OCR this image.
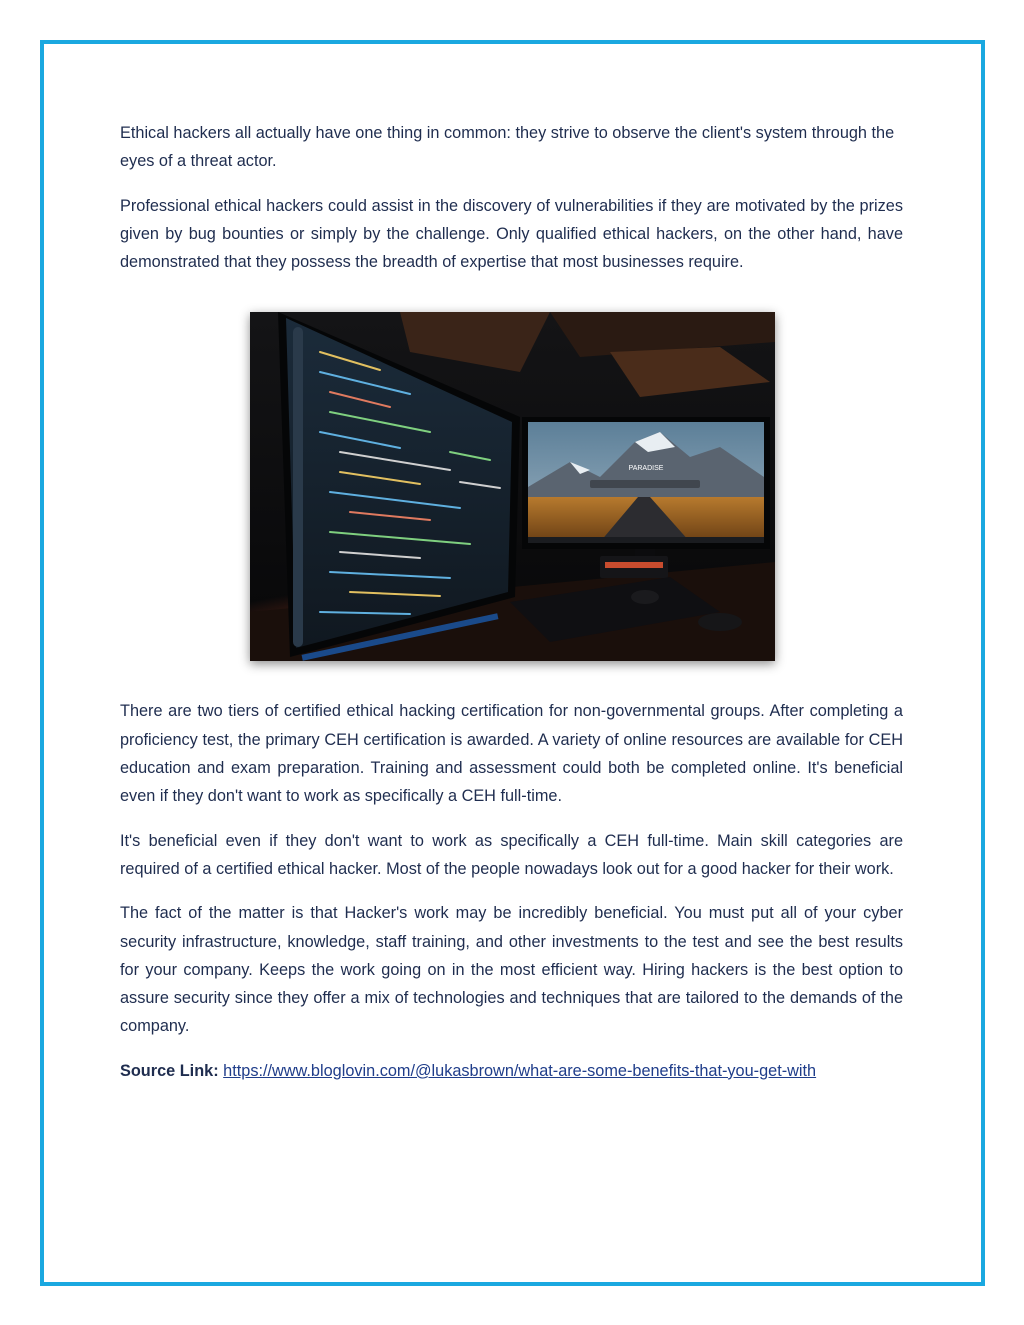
Ethical hackers all actually have one thing in common: they strive to observe the client's system through the eyes of a threat actor.

Professional ethical hackers could assist in the discovery of vulnerabilities if they are motivated by the prizes given by bug bounties or simply by the challenge. Only qualified ethical hackers, on the other hand, have demonstrated that they possess the breadth of expertise that most businesses require.

PARADISE

There are two tiers of certified ethical hacking certification for non-governmental groups. After completing a proficiency test, the primary CEH certification is awarded. A variety of online resources are available for CEH education and exam preparation. Training and assessment could both be completed online. It's beneficial even if they don't want to work as specifically a CEH full-time.

It's beneficial even if they don't want to work as specifically a CEH full-time. Main skill categories are required of a certified ethical hacker. Most of the people nowadays look out for a good hacker for their work.

The fact of the matter is that Hacker's work may be incredibly beneficial. You must put all of your cyber security infrastructure, knowledge, staff training, and other investments to the test and see the best results for your company. Keeps the work going on in the most efficient way. Hiring hackers is the best option to assure security since they offer a mix of technologies and techniques that are tailored to the demands of the company.

Source Link: https://www.bloglovin.com/@lukasbrown/what-are-some-benefits-that-you-get-with
